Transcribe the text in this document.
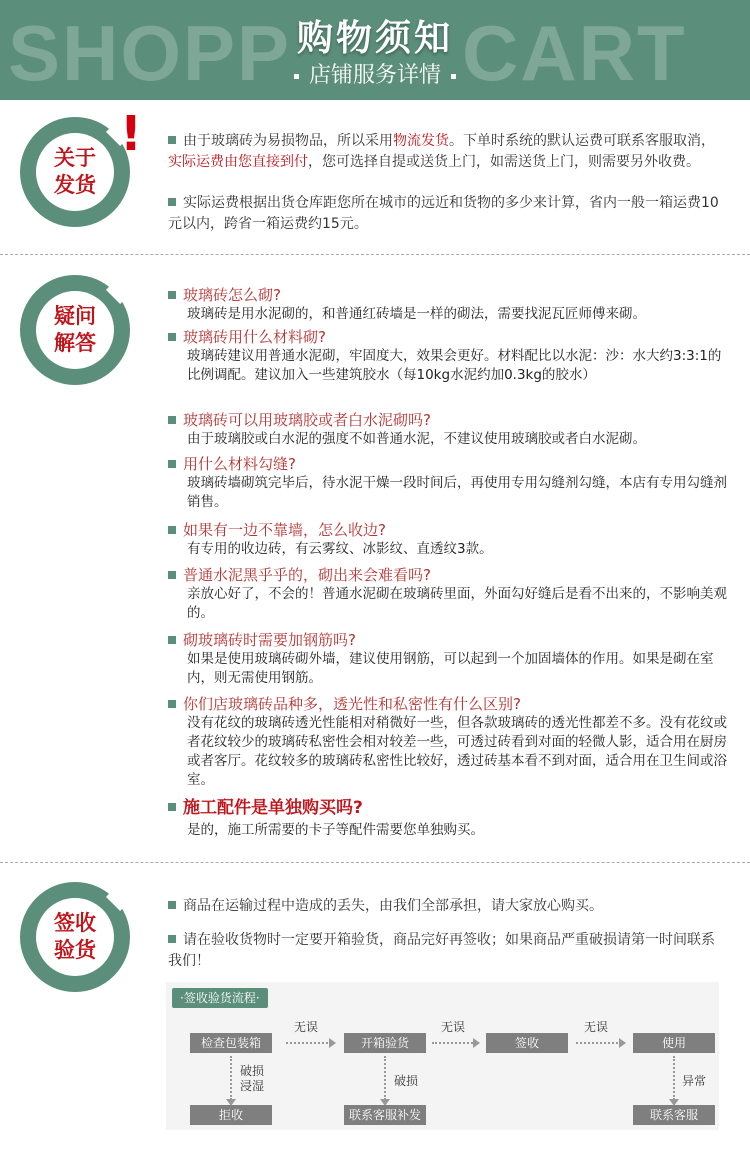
SHOPP CART
购物须知
店铺服务详情
关于
发货
!	由于玻璃砖为易损物品，所以采用物流发货。下单时系统的默认运费可联系客服取消，实际运费由您直接到付，您可选择自提或送货上门，如需送货上门，则需要另外收费。
实际运费根据出货仓库距您所在城市的远近和货物的多少来计算，省内一般一箱运费10元以内，跨省一箱运费约15元。
疑问
解答
玻璃砖怎么砌?
玻璃砖是用水泥砌的，和普通红砖墙是一样的砌法，需要找泥瓦匠师傅来砌。
玻璃砖用什么材料砌?
玻璃砖建议用普通水泥砌，牢固度大，效果会更好。材料配比以水泥：沙：水大约3:3:1的比例调配。建议加入一些建筑胶水（每10kg水泥约加0.3kg的胶水）
玻璃砖可以用玻璃胶或者白水泥砌吗?
由于玻璃胶或白水泥的强度不如普通水泥，不建议使用玻璃胶或者白水泥砌。
用什么材料勾缝?
玻璃砖墙砌筑完毕后，待水泥干燥一段时间后，再使用专用勾缝剂勾缝，本店有专用勾缝剂销售。
如果有一边不靠墙，怎么收边?
有专用的收边砖，有云雾纹、冰影纹、直透纹3款。
普通水泥黑乎乎的，砌出来会难看吗?
亲放心好了，不会的！普通水泥砌在玻璃砖里面，外面勾好缝后是看不出来的，不影响美观的。
砌玻璃砖时需要加钢筋吗?
如果是使用玻璃砖砌外墙，建议使用钢筋，可以起到一个加固墙体的作用。如果是砌在室内，则无需使用钢筋。
你们店玻璃砖品种多，透光性和私密性有什么区别?
没有花纹的玻璃砖透光性能相对稍微好一些，但各款玻璃砖的透光性都差不多。没有花纹或者花纹较少的玻璃砖私密性会相对较差一些，可透过砖看到对面的轻微人影，适合用在厨房或者客厅。花纹较多的玻璃砖私密性比较好，透过砖基本看不到对面，适合用在卫生间或浴室。
施工配件是单独购买吗?
是的，施工所需要的卡子等配件需要您单独购买。
签收
验货
商品在运输过程中造成的丢失，由我们全部承担，请大家放心购买。
请在验收货物时一定要开箱验货，商品完好再签收；如果商品严重破损请第一时间联系我们！
·签收验货流程·
检查包装箱	开箱验货	签收	使用
无误	无误	无误
破损浸湿
拒收
破损
联系客服补发
异常
联系客服
